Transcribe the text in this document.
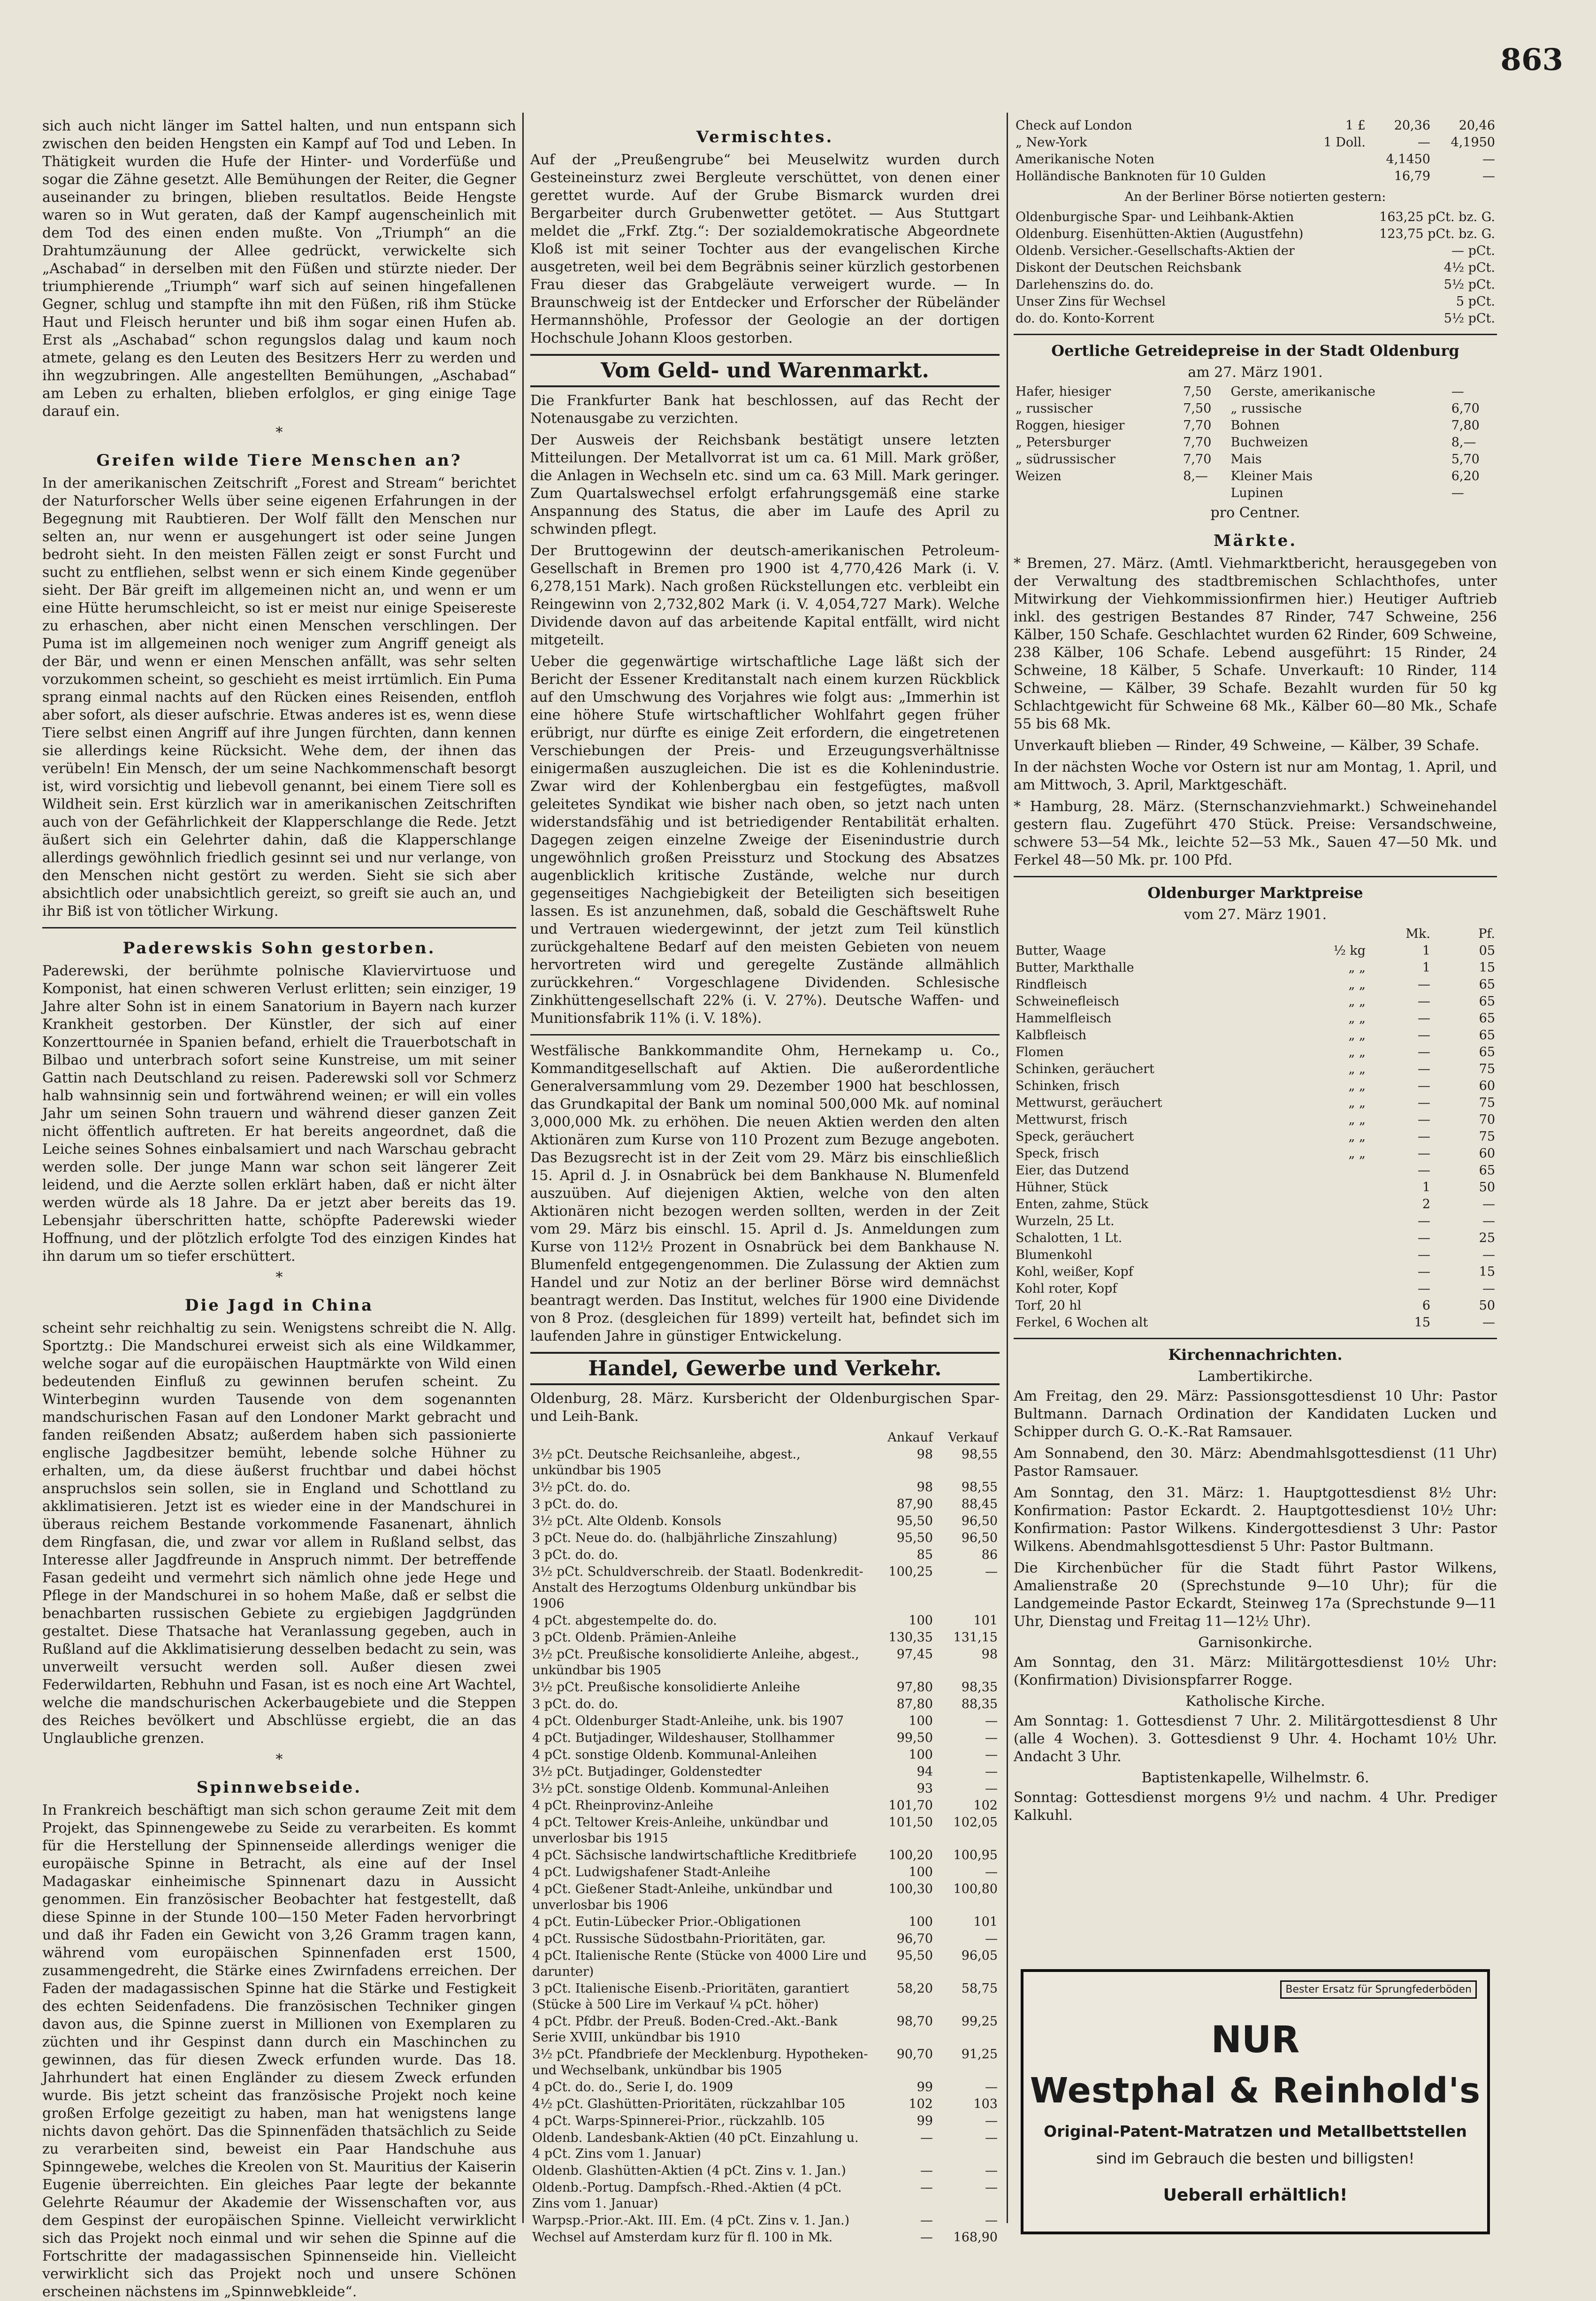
863

sich auch nicht länger im Sattel halten, und nun entspann sich zwischen den beiden Hengsten ein Kampf auf Tod und Leben. In Thätigkeit wurden die Hufe der Hinter- und Vorderfüße und sogar die Zähne gesetzt. Alle Bemühungen der Reiter, die Gegner auseinander zu bringen, blieben resultatlos. Beide Hengste waren so in Wut geraten, daß der Kampf augenscheinlich mit dem Tod des einen enden mußte. Von „Triumph“ an die Drahtumzäunung der Allee gedrückt, verwickelte sich „Aschabad“ in derselben mit den Füßen und stürzte nieder. Der triumphierende „Triumph“ warf sich auf seinen hingefallenen Gegner, schlug und stampfte ihn mit den Füßen, riß ihm Stücke Haut und Fleisch herunter und biß ihm sogar einen Hufen ab. Erst als „Aschabad“ schon regungslos dalag und kaum noch atmete, gelang es den Leuten des Besitzers Herr zu werden und ihn wegzubringen. Alle angestellten Bemühungen, „Aschabad“ am Leben zu erhalten, blieben erfolglos, er ging einige Tage darauf ein.

*
Greifen wilde Tiere Menschen an?

In der amerikanischen Zeitschrift „Forest and Stream“ berichtet der Naturforscher Wells über seine eigenen Erfahrungen in der Begegnung mit Raubtieren. Der Wolf fällt den Menschen nur selten an, nur wenn er ausgehungert ist oder seine Jungen bedroht sieht. In den meisten Fällen zeigt er sonst Furcht und sucht zu entfliehen, selbst wenn er sich einem Kinde gegenüber sieht. Der Bär greift im allgemeinen nicht an, und wenn er um eine Hütte herumschleicht, so ist er meist nur einige Speisereste zu erhaschen, aber nicht einen Menschen verschlingen. Der Puma ist im allgemeinen noch weniger zum Angriff geneigt als der Bär, und wenn er einen Menschen anfällt, was sehr selten vorzukommen scheint, so geschieht es meist irrtümlich. Ein Puma sprang einmal nachts auf den Rücken eines Reisenden, entfloh aber sofort, als dieser aufschrie. Etwas anderes ist es, wenn diese Tiere selbst einen Angriff auf ihre Jungen fürchten, dann kennen sie allerdings keine Rücksicht. Wehe dem, der ihnen das verübeln! Ein Mensch, der um seine Nachkommenschaft besorgt ist, wird vorsichtig und liebevoll genannt, bei einem Tiere soll es Wildheit sein. Erst kürzlich war in amerikanischen Zeitschriften auch von der Gefährlichkeit der Klapperschlange die Rede. Jetzt äußert sich ein Gelehrter dahin, daß die Klapperschlange allerdings gewöhnlich friedlich gesinnt sei und nur verlange, von den Menschen nicht gestört zu werden. Sieht sie sich aber absichtlich oder unabsichtlich gereizt, so greift sie auch an, und ihr Biß ist von tötlicher Wirkung.

Paderewskis Sohn gestorben.

Paderewski, der berühmte polnische Klaviervirtuose und Komponist, hat einen schweren Verlust erlitten; sein einziger, 19 Jahre alter Sohn ist in einem Sanatorium in Bayern nach kurzer Krankheit gestorben. Der Künstler, der sich auf einer Konzerttournée in Spanien befand, erhielt die Trauerbotschaft in Bilbao und unterbrach sofort seine Kunstreise, um mit seiner Gattin nach Deutschland zu reisen. Paderewski soll vor Schmerz halb wahnsinnig sein und fortwährend weinen; er will ein volles Jahr um seinen Sohn trauern und während dieser ganzen Zeit nicht öffentlich auftreten. Er hat bereits angeordnet, daß die Leiche seines Sohnes einbalsamiert und nach Warschau gebracht werden solle. Der junge Mann war schon seit längerer Zeit leidend, und die Aerzte sollen erklärt haben, daß er nicht älter werden würde als 18 Jahre. Da er jetzt aber bereits das 19. Lebensjahr überschritten hatte, schöpfte Paderewski wieder Hoffnung, und der plötzlich erfolgte Tod des einzigen Kindes hat ihn darum um so tiefer erschüttert.

*
Die Jagd in China

scheint sehr reichhaltig zu sein. Wenigstens schreibt die N. Allg. Sportztg.: Die Mandschurei erweist sich als eine Wildkammer, welche sogar auf die europäischen Hauptmärkte von Wild einen bedeutenden Einfluß zu gewinnen berufen scheint. Zu Winterbeginn wurden Tausende von dem sogenannten mandschurischen Fasan auf den Londoner Markt gebracht und fanden reißenden Absatz; außerdem haben sich passionierte englische Jagdbesitzer bemüht, lebende solche Hühner zu erhalten, um, da diese äußerst fruchtbar und dabei höchst anspruchslos sein sollen, sie in England und Schottland zu akklimatisieren. Jetzt ist es wieder eine in der Mandschurei in überaus reichem Bestande vorkommende Fasanenart, ähnlich dem Ringfasan, die, und zwar vor allem in Rußland selbst, das Interesse aller Jagdfreunde in Anspruch nimmt. Der betreffende Fasan gedeiht und vermehrt sich nämlich ohne jede Hege und Pflege in der Mandschurei in so hohem Maße, daß er selbst die benachbarten russischen Gebiete zu ergiebigen Jagdgründen gestaltet. Diese Thatsache hat Veranlassung gegeben, auch in Rußland auf die Akklimatisierung desselben bedacht zu sein, was unverweilt versucht werden soll. Außer diesen zwei Federwildarten, Rebhuhn und Fasan, ist es noch eine Art Wachtel, welche die mandschurischen Ackerbaugebiete und die Steppen des Reiches bevölkert und Abschlüsse ergiebt, die an das Unglaubliche grenzen.

*
Spinnwebseide.

In Frankreich beschäftigt man sich schon geraume Zeit mit dem Projekt, das Spinnengewebe zu Seide zu verarbeiten. Es kommt für die Herstellung der Spinnenseide allerdings weniger die europäische Spinne in Betracht, als eine auf der Insel Madagaskar einheimische Spinnenart dazu in Aussicht genommen. Ein französischer Beobachter hat festgestellt, daß diese Spinne in der Stunde 100—150 Meter Faden hervorbringt und daß ihr Faden ein Gewicht von 3,26 Gramm tragen kann, während vom europäischen Spinnenfaden erst 1500, zusammengedreht, die Stärke eines Zwirnfadens erreichen. Der Faden der madagassischen Spinne hat die Stärke und Festigkeit des echten Seidenfadens. Die französischen Techniker gingen davon aus, die Spinne zuerst in Millionen von Exemplaren zu züchten und ihr Gespinst dann durch ein Maschinchen zu gewinnen, das für diesen Zweck erfunden wurde. Das 18. Jahrhundert hat einen Engländer zu diesem Zweck erfunden wurde. Bis jetzt scheint das französische Projekt noch keine großen Erfolge gezeitigt zu haben, man hat wenigstens lange nichts davon gehört. Das die Spinnenfäden thatsächlich zu Seide zu verarbeiten sind, beweist ein Paar Handschuhe aus Spinngewebe, welches die Kreolen von St. Mauritius der Kaiserin Eugenie überreichten. Ein gleiches Paar legte der bekannte Gelehrte Réaumur der Akademie der Wissenschaften vor, aus dem Gespinst der europäischen Spinne. Vielleicht verwirklicht sich das Projekt noch einmal und wir sehen die Spinne auf die Fortschritte der madagassischen Spinnenseide hin. Vielleicht verwirklicht sich das Projekt noch und unsere Schönen erscheinen nächstens im „Spinnwebkleide“.

Vermischtes.

Auf der „Preußengrube“ bei Meuselwitz wurden durch Gesteineinsturz zwei Bergleute verschüttet, von denen einer gerettet wurde. Auf der Grube Bismarck wurden drei Bergarbeiter durch Grubenwetter getötet. — Aus Stuttgart meldet die „Frkf. Ztg.“: Der sozialdemokratische Abgeordnete Kloß ist mit seiner Tochter aus der evangelischen Kirche ausgetreten, weil bei dem Begräbnis seiner kürzlich gestorbenen Frau dieser das Grabgeläute verweigert wurde. — In Braunschweig ist der Entdecker und Erforscher der Rübeländer Hermannshöhle, Professor der Geologie an der dortigen Hochschule Johann Kloos gestorben.

Vom Geld- und Warenmarkt.

Die Frankfurter Bank hat beschlossen, auf das Recht der Notenausgabe zu verzichten.

Der Ausweis der Reichsbank bestätigt unsere letzten Mitteilungen. Der Metallvorrat ist um ca. 61 Mill. Mark größer, die Anlagen in Wechseln etc. sind um ca. 63 Mill. Mark geringer. Zum Quartalswechsel erfolgt erfahrungsgemäß eine starke Anspannung des Status, die aber im Laufe des April zu schwinden pflegt.

Der Bruttogewinn der deutsch-amerikanischen Petroleum-Gesellschaft in Bremen pro 1900 ist 4,770,426 Mark (i. V. 6,278,151 Mark). Nach großen Rückstellungen etc. verbleibt ein Reingewinn von 2,732,802 Mark (i. V. 4,054,727 Mark). Welche Dividende davon auf das arbeitende Kapital entfällt, wird nicht mitgeteilt.

Ueber die gegenwärtige wirtschaftliche Lage läßt sich der Bericht der Essener Kreditanstalt nach einem kurzen Rückblick auf den Umschwung des Vorjahres wie folgt aus: „Immerhin ist eine höhere Stufe wirtschaftlicher Wohlfahrt gegen früher erübrigt, nur dürfte es einige Zeit erfordern, die eingetretenen Verschiebungen der Preis- und Erzeugungsverhältnisse einigermaßen auszugleichen. Die ist es die Kohlenindustrie. Zwar wird der Kohlenbergbau ein festgefügtes, maßvoll geleitetes Syndikat wie bisher nach oben, so jetzt nach unten widerstandsfähig und ist betriedigender Rentabilität erhalten. Dagegen zeigen einzelne Zweige der Eisenindustrie durch ungewöhnlich großen Preissturz und Stockung des Absatzes augenblicklich kritische Zustände, welche nur durch gegenseitiges Nachgiebigkeit der Beteiligten sich beseitigen lassen. Es ist anzunehmen, daß, sobald die Geschäftswelt Ruhe und Vertrauen wiedergewinnt, der jetzt zum Teil künstlich zurückgehaltene Bedarf auf den meisten Gebieten von neuem hervortreten wird und geregelte Zustände allmählich zurückkehren.“ Vorgeschlagene Dividenden. Schlesische Zinkhüttengesellschaft 22% (i. V. 27%). Deutsche Waffen- und Munitionsfabrik 11% (i. V. 18%).

Westfälische Bankkommandite Ohm, Hernekamp u. Co., Kommanditgesellschaft auf Aktien. Die außerordentliche Generalversammlung vom 29. Dezember 1900 hat beschlossen, das Grundkapital der Bank um nominal 500,000 Mk. auf nominal 3,000,000 Mk. zu erhöhen. Die neuen Aktien werden den alten Aktionären zum Kurse von 110 Prozent zum Bezuge angeboten. Das Bezugsrecht ist in der Zeit vom 29. März bis einschließlich 15. April d. J. in Osnabrück bei dem Bankhause N. Blumenfeld auszuüben. Auf diejenigen Aktien, welche von den alten Aktionären nicht bezogen werden sollten, werden in der Zeit vom 29. März bis einschl. 15. April d. Js. Anmeldungen zum Kurse von 112½ Prozent in Osnabrück bei dem Bankhause N. Blumenfeld entgegengenommen. Die Zulassung der Aktien zum Handel und zur Notiz an der berliner Börse wird demnächst beantragt werden. Das Institut, welches für 1900 eine Dividende von 8 Proz. (desgleichen für 1899) verteilt hat, befindet sich im laufenden Jahre in günstiger Entwickelung.

Handel, Gewerbe und Verkehr.

Oldenburg, 28. März. Kursbericht der Oldenburgischen Spar- und Leih-Bank.

	Ankauf	Verkauf
3½ pCt. Deutsche Reichsanleihe, abgest., unkündbar bis 1905	98	98,55
3½ pCt. do. do.	98	98,55
3 pCt. do. do.	87,90	88,45
3½ pCt. Alte Oldenb. Konsols	95,50	96,50
3 pCt. Neue do. do. (halbjährliche Zinszahlung)	95,50	96,50
3 pCt. do. do.	85	86
3½ pCt. Schuldverschreib. der Staatl. Bodenkredit-Anstalt des Herzogtums Oldenburg unkündbar bis 1906	100,25	—
4 pCt. abgestempelte do. do.	100	101
3 pCt. Oldenb. Prämien-Anleihe	130,35	131,15
3½ pCt. Preußische konsolidierte Anleihe, abgest., unkündbar bis 1905	97,45	98
3½ pCt. Preußische konsolidierte Anleihe	97,80	98,35
3 pCt. do. do.	87,80	88,35
4 pCt. Oldenburger Stadt-Anleihe, unk. bis 1907	100	—
4 pCt. Butjadinger, Wildeshauser, Stollhammer	99,50	—
4 pCt. sonstige Oldenb. Kommunal-Anleihen	100	—
3½ pCt. Butjadinger, Goldenstedter	94	—
3½ pCt. sonstige Oldenb. Kommunal-Anleihen	93	—
4 pCt. Rheinprovinz-Anleihe	101,70	102
4 pCt. Teltower Kreis-Anleihe, unkündbar und unverlosbar bis 1915	101,50	102,05
4 pCt. Sächsische landwirtschaftliche Kreditbriefe	100,20	100,95
4 pCt. Ludwigshafener Stadt-Anleihe	100	—
4 pCt. Gießener Stadt-Anleihe, unkündbar und unverlosbar bis 1906	100,30	100,80
4 pCt. Eutin-Lübecker Prior.-Obligationen	100	101
4 pCt. Russische Südostbahn-Prioritäten, gar.	96,70	—
4 pCt. Italienische Rente (Stücke von 4000 Lire und darunter)	95,50	96,05
3 pCt. Italienische Eisenb.-Prioritäten, garantiert (Stücke à 500 Lire im Verkauf ¼ pCt. höher)	58,20	58,75
4 pCt. Pfdbr. der Preuß. Boden-Cred.-Akt.-Bank Serie XVIII, unkündbar bis 1910	98,70	99,25
3½ pCt. Pfandbriefe der Mecklenburg. Hypotheken- und Wechselbank, unkündbar bis 1905	90,70	91,25
4 pCt. do. do., Serie I, do. 1909	99	—
4½ pCt. Glashütten-Prioritäten, rückzahlbar 105	102	103
4 pCt. Warps-Spinnerei-Prior., rückzahlb. 105	99	—
Oldenb. Landesbank-Aktien (40 pCt. Einzahlung u. 4 pCt. Zins vom 1. Januar)	—	—
Oldenb. Glashütten-Aktien (4 pCt. Zins v. 1. Jan.)	—	—
Oldenb.-Portug. Dampfsch.-Rhed.-Aktien (4 pCt. Zins vom 1. Januar)	—	—
Warpsp.-Prior.-Akt. III. Em. (4 pCt. Zins v. 1. Jan.)	—	—
Wechsel auf Amsterdam kurz für fl. 100 in Mk.	—	168,90
Check auf London	1 £	20,36	20,46
„ New-York	1 Doll.	—	4,1950
Amerikanische Noten		4,1450	—
Holländische Banknoten für 10 Gulden		16,79	—
An der Berliner Börse notierten gestern:
Oldenburgische Spar- und Leihbank-Aktien	163,25 pCt. bz. G.
Oldenburg. Eisenhütten-Aktien (Augustfehn)	123,75 pCt. bz. G.
Oldenb. Versicher.-Gesellschafts-Aktien der	— pCt.
Diskont der Deutschen Reichsbank	4½ pCt.
Darlehenszins do. do.	5½ pCt.
Unser Zins für Wechsel	5 pCt.
do. do. Konto-Korrent	5½ pCt.
Oertliche Getreidepreise in der Stadt Oldenburg
am 27. März 1901.
Hafer, hiesiger	7,50	Gerste, amerikanische	—
„ russischer	7,50	„ russische	6,70
Roggen, hiesiger	7,70	Bohnen	7,80
„ Petersburger	7,70	Buchweizen	8,—
„ südrussischer	7,70	Mais	5,70
Weizen	8,—	Kleiner Mais	6,20
		Lupinen	—
pro Centner.
Märkte.

* Bremen, 27. März. (Amtl. Viehmarktbericht, herausgegeben von der Verwaltung des stadtbremischen Schlachthofes, unter Mitwirkung der Viehkommissionfirmen hier.) Heutiger Auftrieb inkl. des gestrigen Bestandes 87 Rinder, 747 Schweine, 256 Kälber, 150 Schafe. Geschlachtet wurden 62 Rinder, 609 Schweine, 238 Kälber, 106 Schafe. Lebend ausgeführt: 15 Rinder, 24 Schweine, 18 Kälber, 5 Schafe. Unverkauft: 10 Rinder, 114 Schweine, — Kälber, 39 Schafe. Bezahlt wurden für 50 kg Schlachtgewicht für Schweine 68 Mk., Kälber 60—80 Mk., Schafe 55 bis 68 Mk.

Unverkauft blieben — Rinder, 49 Schweine, — Kälber, 39 Schafe.

In der nächsten Woche vor Ostern ist nur am Montag, 1. April, und am Mittwoch, 3. April, Marktgeschäft.

* Hamburg, 28. März. (Sternschanzviehmarkt.) Schweinehandel gestern flau. Zugeführt 470 Stück. Preise: Versandschweine, schwere 53—54 Mk., leichte 52—53 Mk., Sauen 47—50 Mk. und Ferkel 48—50 Mk. pr. 100 Pfd.

Oldenburger Marktpreise
vom 27. März 1901.
		Mk.	Pf.
Butter, Waage	½ kg	1	05
Butter, Markthalle	„ „	1	15
Rindfleisch	„ „	—	65
Schweinefleisch	„ „	—	65
Hammelfleisch	„ „	—	65
Kalbfleisch	„ „	—	65
Flomen	„ „	—	65
Schinken, geräuchert	„ „	—	75
Schinken, frisch	„ „	—	60
Mettwurst, geräuchert	„ „	—	75
Mettwurst, frisch	„ „	—	70
Speck, geräuchert	„ „	—	75
Speck, frisch	„ „	—	60
Eier, das Dutzend		—	65
Hühner, Stück		1	50
Enten, zahme, Stück		2	—
Wurzeln, 25 Lt.		—	—
Schalotten, 1 Lt.		—	25
Blumenkohl		—	—
Kohl, weißer, Kopf		—	15
Kohl roter, Kopf		—	—
Torf, 20 hl		6	50
Ferkel, 6 Wochen alt		15	—
Kirchennachrichten.
Lambertikirche.

Am Freitag, den 29. März: Passionsgottesdienst 10 Uhr: Pastor Bultmann. Darnach Ordination der Kandidaten Lucken und Schipper durch G. O.-K.-Rat Ramsauer.

Am Sonnabend, den 30. März: Abendmahlsgottesdienst (11 Uhr) Pastor Ramsauer.

Am Sonntag, den 31. März: 1. Hauptgottesdienst 8½ Uhr: Konfirmation: Pastor Eckardt. 2. Hauptgottesdienst 10½ Uhr: Konfirmation: Pastor Wilkens. Kindergottesdienst 3 Uhr: Pastor Wilkens. Abendmahlsgottesdienst 5 Uhr: Pastor Bultmann.

Die Kirchenbücher für die Stadt führt Pastor Wilkens, Amalienstraße 20 (Sprechstunde 9—10 Uhr); für die Landgemeinde Pastor Eckardt, Steinweg 17a (Sprechstunde 9—11 Uhr, Dienstag und Freitag 11—12½ Uhr).

Garnisonkirche.

Am Sonntag, den 31. März: Militärgottesdienst 10½ Uhr: (Konfirmation) Divisionspfarrer Rogge.

Katholische Kirche.

Am Sonntag: 1. Gottesdienst 7 Uhr. 2. Militärgottesdienst 8 Uhr (alle 4 Wochen). 3. Gottesdienst 9 Uhr. 4. Hochamt 10½ Uhr. Andacht 3 Uhr.

Baptistenkapelle, Wilhelmstr. 6.

Sonntag: Gottesdienst morgens 9½ und nachm. 4 Uhr. Prediger Kalkuhl.

Bester Ersatz für Sprungfederböden
NUR
Westphal & Reinhold's
Original-Patent-Matratzen und Metallbettstellen
sind im Gebrauch die besten und billigsten!
Ueberall erhältlich!
